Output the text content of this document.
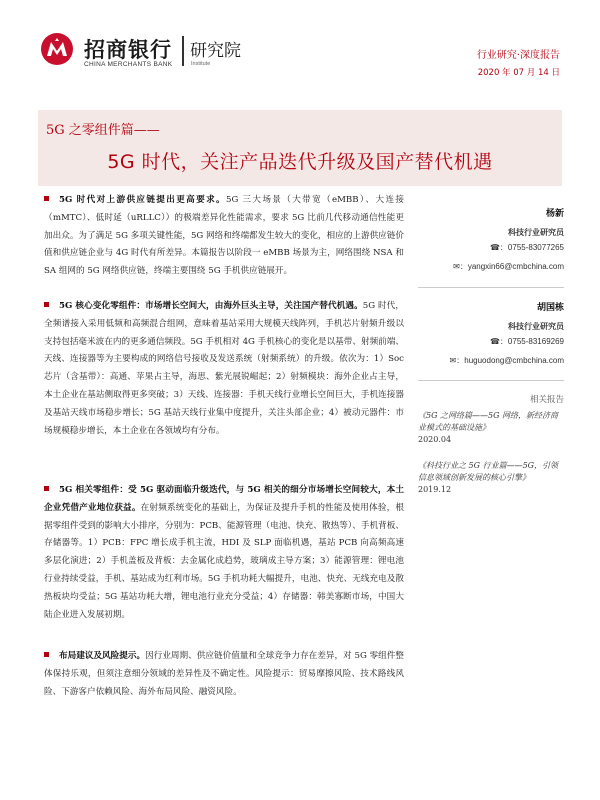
招商银行
CHINA MERCHANTS BANK
研究院
Institute
行业研究·深度报告
2020 年 07 月 14 日
5G 之零组件篇——
5G 时代，关注产品迭代升级及国产替代机遇
5G 时代对上游供应链提出更高要求。5G 三大场景（大带宽（eMBB）、大连接（mMTC）、低时延（uRLLC））的极端差异化性能需求，要求 5G 比前几代移动通信性能更加出众。为了满足 5G 多项关键性能，5G 网络和终端都发生较大的变化，相应的上游供应链价值和供应链企业与 4G 时代有所差异。本篇报告以阶段一 eMBB 场景为主，网络围绕 NSA 和 SA 组网的 5G 网络供应链，终端主要围绕 5G 手机供应链展开。
5G 核心变化零组件：市场增长空间大，由海外巨头主导，关注国产替代机遇。5G 时代，全频谱接入采用低频和高频混合组网，意味着基站采用大规模天线阵列，手机芯片射频升级以支持包括毫米波在内的更多通信频段。5G 手机相对 4G 手机核心的变化是以基带、射频前端、天线、连接器等为主要构成的网络信号接收及发送系统（射频系统）的升级。依次为：1）Soc 芯片（含基带）：高通、苹果占主导，海思、紫光展锐崛起；2）射频模块：海外企业占主导，本土企业在基站侧取得更多突破；3）天线、连接器：手机天线行业增长空间巨大，手机连接器及基站天线市场稳步增长；5G 基站天线行业集中度提升，关注头部企业；4）被动元器件：市场规模稳步增长，本土企业在各领域均有分布。
5G 相关零组件：受 5G 驱动面临升级迭代，与 5G 相关的细分市场增长空间较大，本土企业凭借产业地位获益。在射频系统变化的基础上，为保证及提升手机的性能及使用体验，根据零组件受到的影响大小排序，分别为：PCB、能源管理（电池、快充、散热等）、手机背板、存储器等。1）PCB：FPC 增长成手机主流，HDI 及 SLP 面临机遇，基站 PCB 向高频高速多层化演进；2）手机盖板及背板：去金属化成趋势，玻璃成主导方案；3）能源管理：锂电池行业持续受益，手机、基站成为红利市场。5G 手机功耗大幅提升，电池、快充、无线充电及散热板块均受益；5G 基站功耗大增，锂电池行业充分受益；4）存储器：韩美寡断市场，中国大陆企业进入发展初期。
布局建议及风险提示。因行业周期、供应链价值量和全球竞争力存在差异，对 5G 零组件整体保持乐观，但须注意细分领域的差异性及不确定性。风险提示：贸易摩擦风险、技术路线风险、下游客户依赖风险、海外布局风险、融资风险。
杨新
科技行业研究员
☎：0755-83077265
✉：yangxin66@cmbchina.com
胡国栋
科技行业研究员
☎：0755-83169269
✉：huguodong@cmbchina.com
相关报告
《5G 之网络篇——5G 网络，新经济商业模式的基础设施》
2020.04
《科技行业之 5G 行业篇——5G，引领信息领域创新发展的核心引擎》
2019.12
